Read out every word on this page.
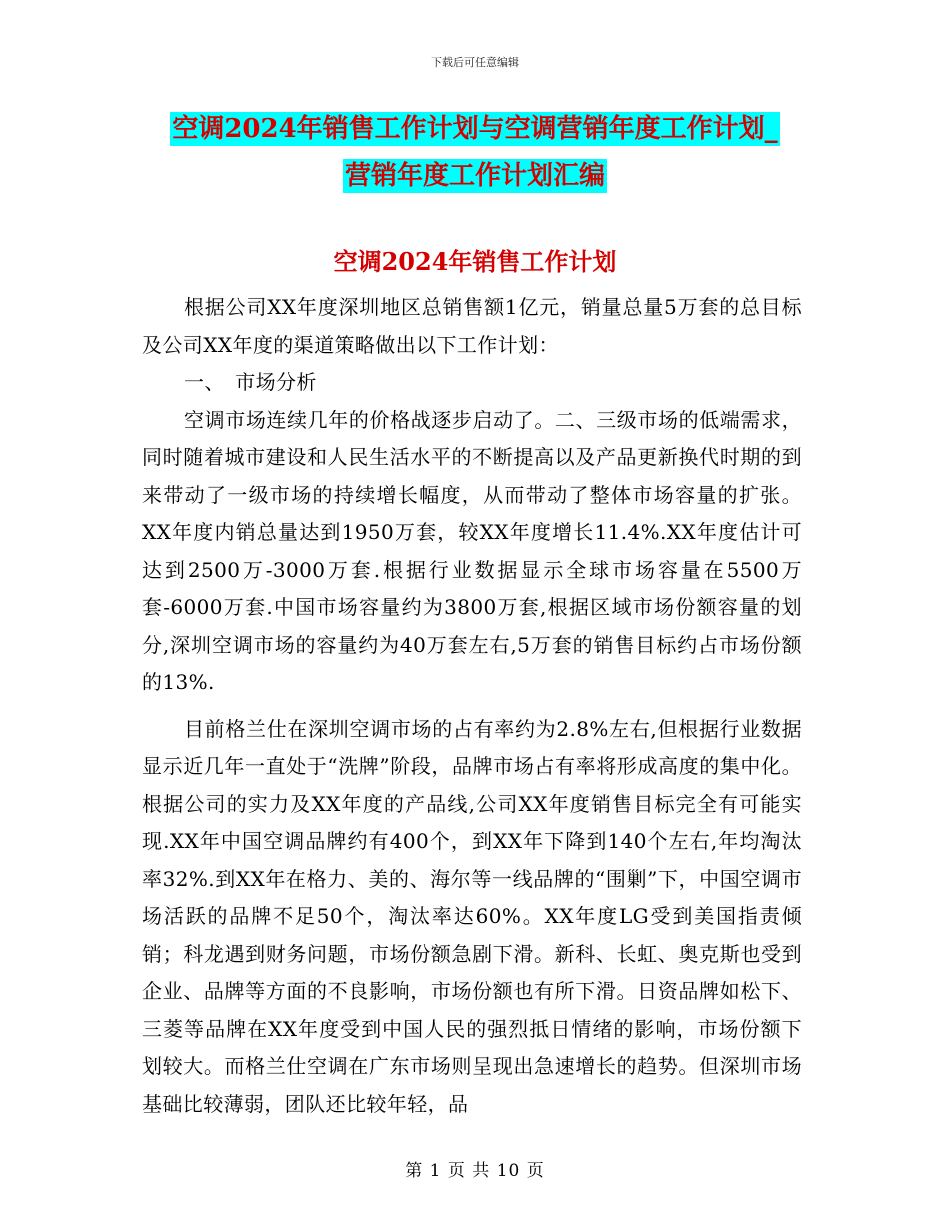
下载后可任意编辑
空调2024年销售工作计划与空调营销年度工作计划_
营销年度工作计划汇编
空调2024年销售工作计划

根据公司XX年度深圳地区总销售额1亿元，销量总量5万套的总目标及公司XX年度的渠道策略做出以下工作计划：

一、　市场分析

空调市场连续几年的价格战逐步启动了。二、三级市场的低端需求，同时随着城市建设和人民生活水平的不断提高以及产品更新换代时期的到来带动了一级市场的持续增长幅度，从而带动了整体市场容量的扩张。XX年度内销总量达到1950万套，较XX年度增长11.4%.XX年度估计可达到2500万-3000万套.根据行业数据显示全球市场容量在5500万套-6000万套.中国市场容量约为3800万套,根据区域市场份额容量的划分,深圳空调市场的容量约为40万套左右,5万套的销售目标约占市场份额的13%.

目前格兰仕在深圳空调市场的占有率约为2.8%左右,但根据行业数据显示近几年一直处于“洗牌”阶段，品牌市场占有率将形成高度的集中化。根据公司的实力及XX年度的产品线,公司XX年度销售目标完全有可能实现.XX年中国空调品牌约有400个，到XX年下降到140个左右,年均淘汰率32%.到XX年在格力、美的、海尔等一线品牌的“围剿”下，中国空调市场活跃的品牌不足50个，淘汰率达60%。XX年度LG受到美国指责倾销；科龙遇到财务问题，市场份额急剧下滑。新科、长虹、奥克斯也受到企业、品牌等方面的不良影响，市场份额也有所下滑。日资品牌如松下、三菱等品牌在XX年度受到中国人民的强烈抵日情绪的影响，市场份额下划较大。而格兰仕空调在广东市场则呈现出急速增长的趋势。但深圳市场基础比较薄弱，团队还比较年轻，品

第 1 页 共 10 页
